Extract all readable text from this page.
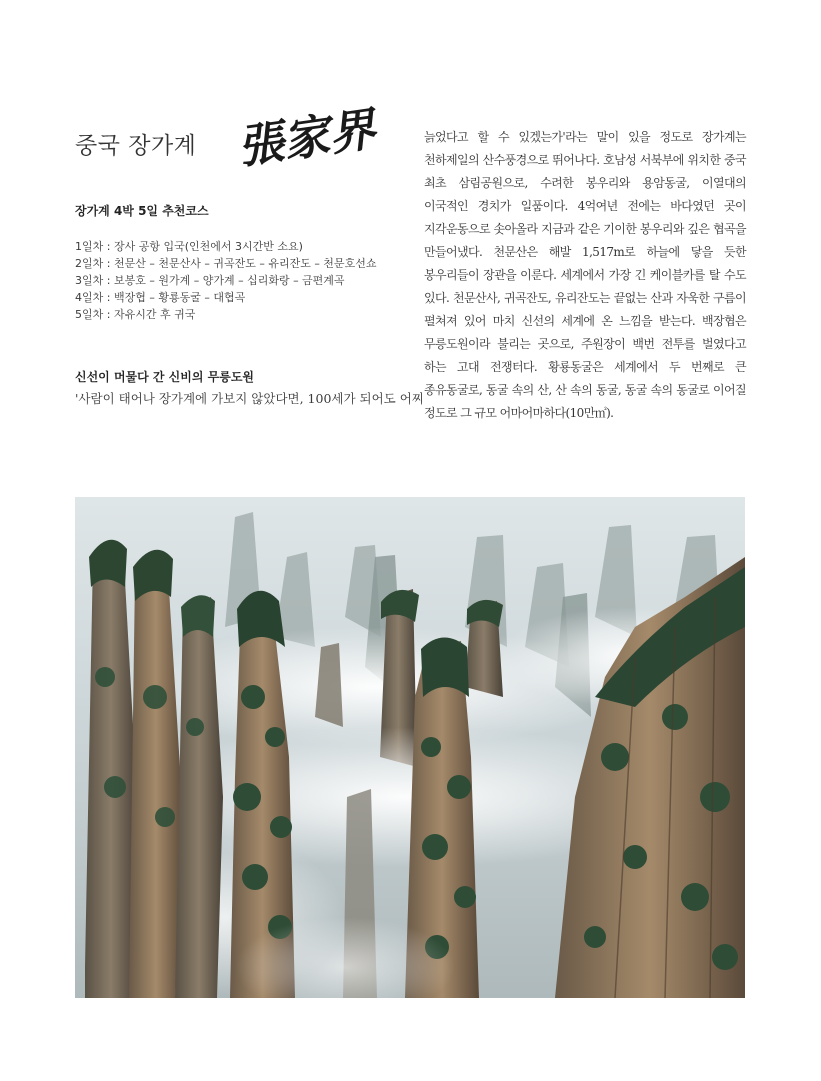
중국 장가계 張家界
장가계 4박 5일 추천코스
1일차 : 장사 공항 입국(인천에서 3시간반 소요)
2일차 : 천문산 – 천문산사 – 귀곡잔도 – 유리잔도 – 천문호선쇼
3일차 : 보봉호 – 원가계 – 양가계 – 십리화랑 – 금편계곡
4일차 : 백장협 – 황룡동굴 – 대협곡
5일차 : 자유시간 후 귀국
신선이 머물다 간 신비의 무릉도원
'사람이 태어나 장가계에 가보지 않았다면, 100세가 되어도 어찌

늙었다고 할 수 있겠는가'라는 말이 있을 정도로 장가계는 천하제일의 산수풍경으로 뛰어나다. 호남성 서북부에 위치한 중국 최초 삼림공원으로, 수려한 봉우리와 용암동굴, 이열대의 이국적인 경치가 일품이다. 4억여년 전에는 바다였던 곳이 지각운동으로 솟아올라 지금과 같은 기이한 봉우리와 깊은 협곡을 만들어냈다. 천문산은 해발 1,517m로 하늘에 닿을 듯한 봉우리들이 장관을 이룬다. 세계에서 가장 긴 케이블카를 탈 수도 있다. 천문산사, 귀곡잔도, 유리잔도는 끝없는 산과 자욱한 구름이 펼쳐져 있어 마치 신선의 세계에 온 느낌을 받는다. 백장협은 무릉도원이라 불리는 곳으로, 주원장이 백번 전투를 벌였다고 하는 고대 전쟁터다. 황룡동굴은 세계에서 두 번째로 큰 종유동굴로, 동굴 속의 산, 산 속의 동굴, 동굴 속의 동굴로 이어질 정도로 그 규모 어마어마하다(10만㎡).
